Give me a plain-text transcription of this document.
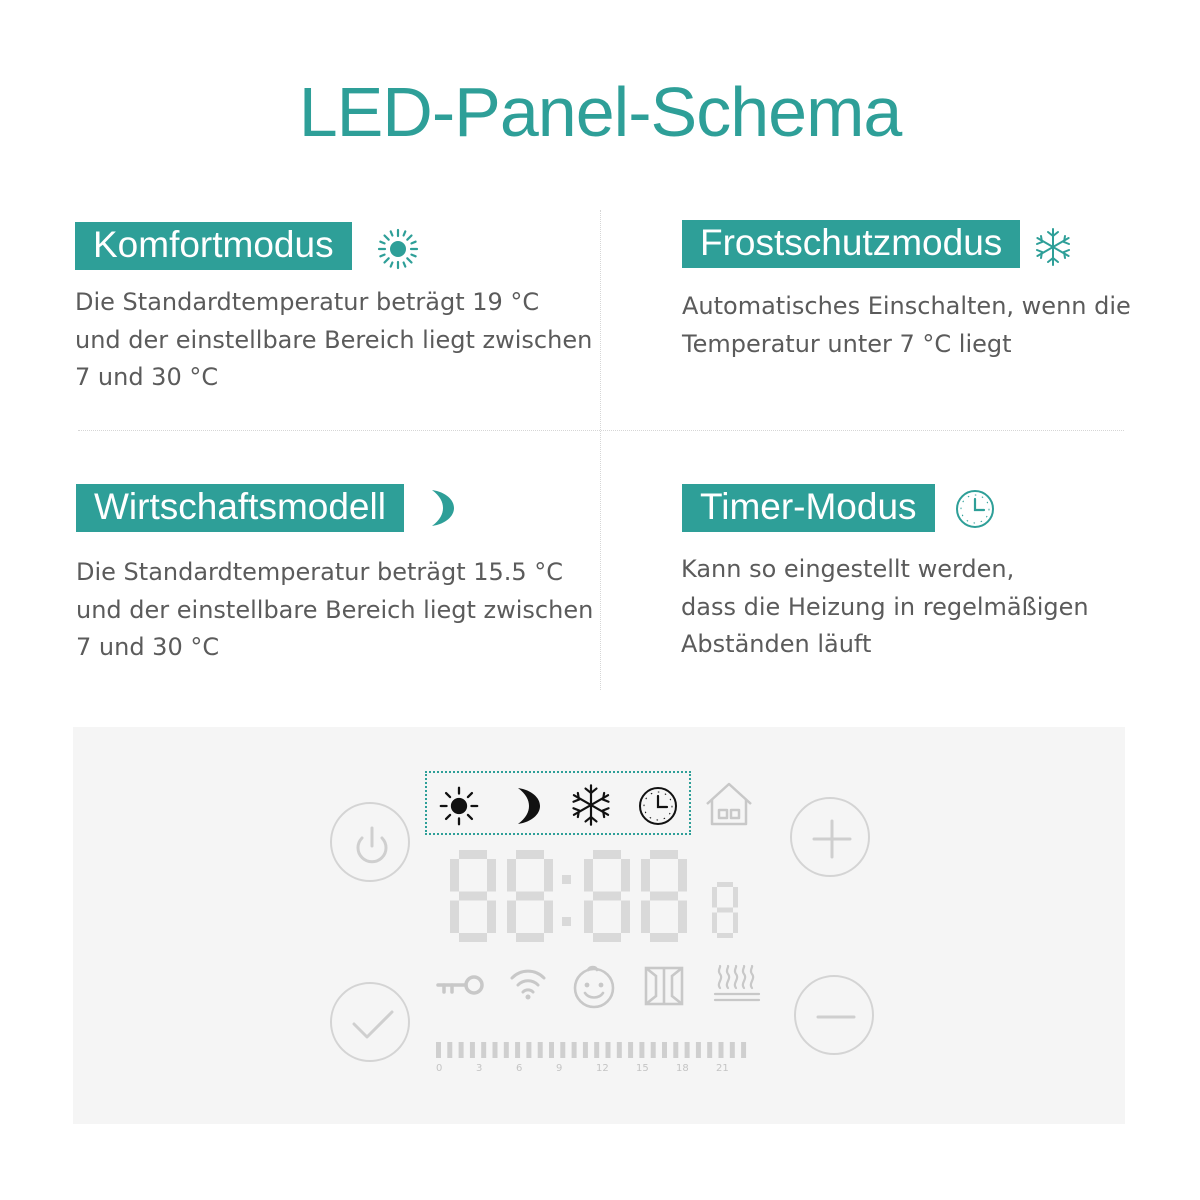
LED-Panel-Schema
Komfortmodus
Die Standardtemperatur beträgt 19 °C
und der einstellbare Bereich liegt zwischen
7 und 30 °C
Frostschutzmodus
Automatisches Einschalten, wenn die
Temperatur unter 7 °C liegt
Wirtschaftsmodell
Die Standardtemperatur beträgt 15.5 °C
und der einstellbare Bereich liegt zwischen
7 und 30 °C
Timer-Modus
Kann so eingestellt werden,
dass die Heizung in regelmäßigen
Abständen läuft
0	3	6	9	12	15	18	21
